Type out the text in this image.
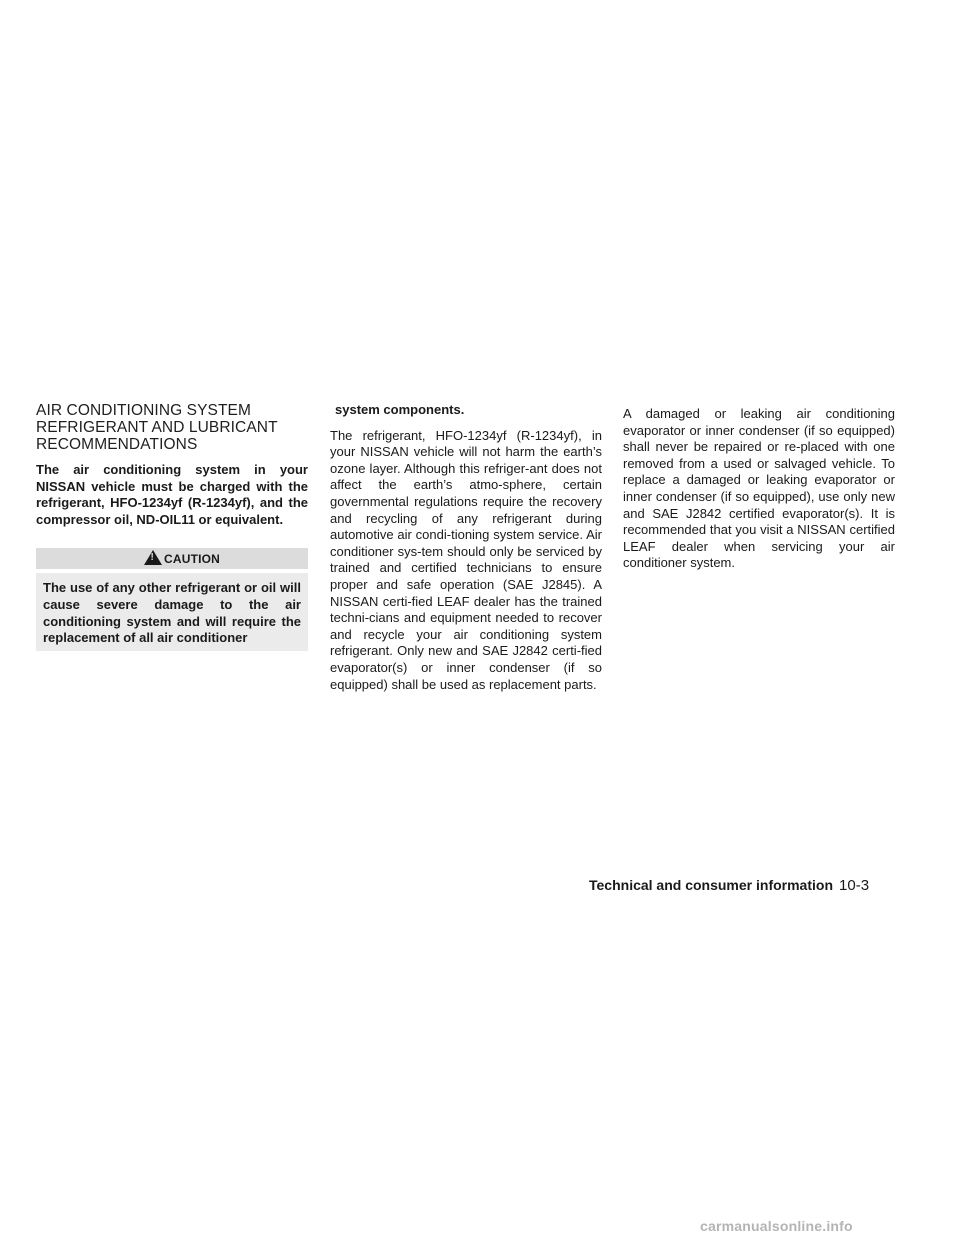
AIR CONDITIONING SYSTEM
REFRIGERANT AND LUBRICANT
RECOMMENDATIONS

The air conditioning system in your NISSAN vehicle must be charged with the refrigerant, HFO-1234yf (R-1234yf), and the compressor oil, ND-OIL11 or equivalent.

!
CAUTION
The use of any other refrigerant or oil will cause severe damage to the air conditioning system and will require the replacement of all air conditioner

system components.

The refrigerant, HFO-1234yf (R-1234yf), in your NISSAN vehicle will not harm the earth’s ozone layer. Although this refriger-ant does not affect the earth’s atmo-sphere, certain governmental regulations require the recovery and recycling of any refrigerant during automotive air condi-tioning system service. Air conditioner sys-tem should only be serviced by trained and certified technicians to ensure proper and safe operation (SAE J2845). A NISSAN certi-fied LEAF dealer has the trained techni-cians and equipment needed to recover and recycle your air conditioning system refrigerant. Only new and SAE J2842 certi-fied evaporator(s) or inner condenser (if so equipped) shall be used as replacement parts.

A damaged or leaking air conditioning evaporator or inner condenser (if so equipped) shall never be repaired or re-placed with one removed from a used or salvaged vehicle. To replace a damaged or leaking evaporator or inner condenser (if so equipped), use only new and SAE J2842 certified evaporator(s). It is recommended that you visit a NISSAN certified LEAF dealer when servicing your air conditioner system.

Technical and consumer information 10-3
carmanualsonline.info
